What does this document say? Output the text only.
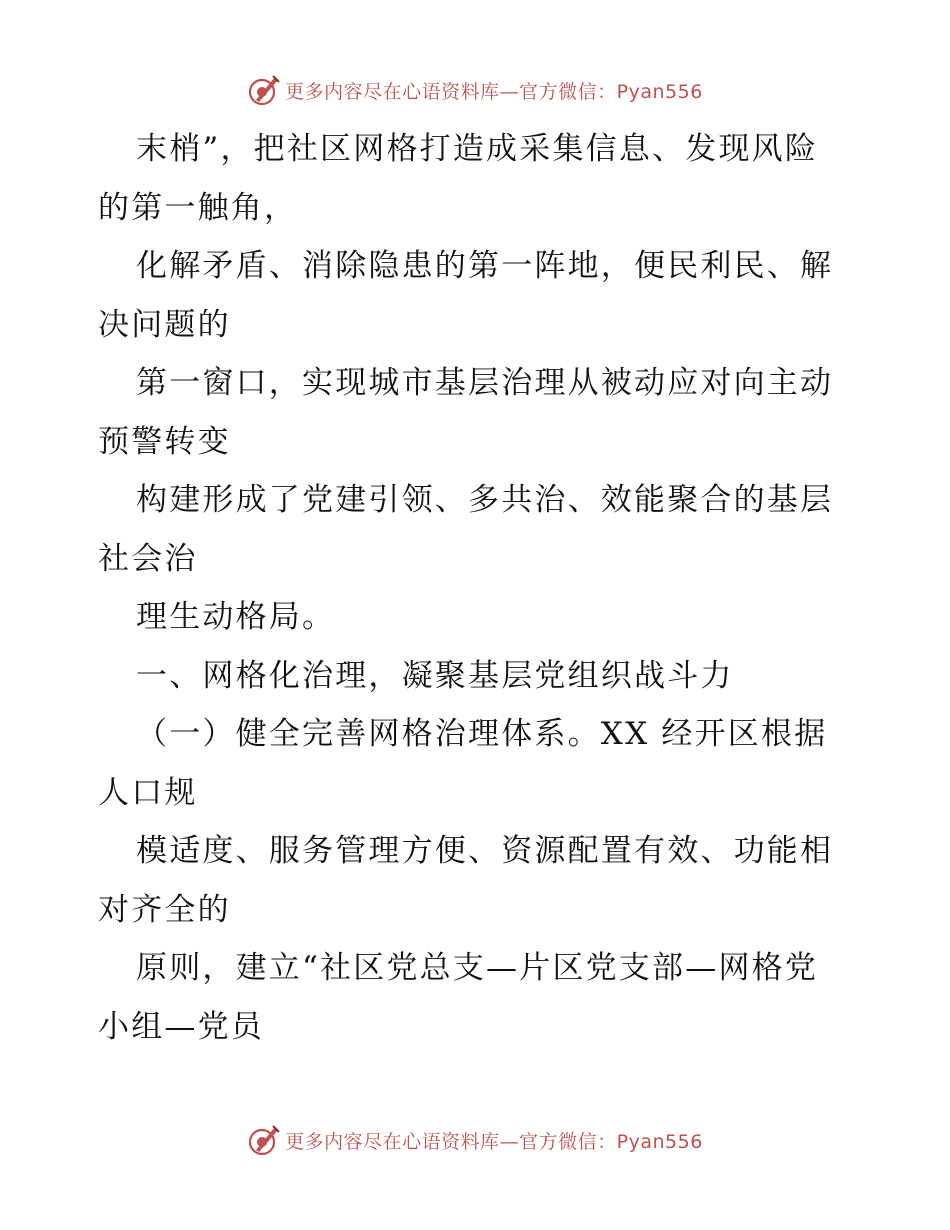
更多内容尽在心语资料库—官方微信：Pyan556
末梢”，把社区网格打造成采集信息、发现风险
的第一触角，
化解矛盾、消除隐患的第一阵地，便民利民、解
决问题的
第一窗口，实现城市基层治理从被动应对向主动
预警转变
构建形成了党建引领、多共治、效能聚合的基层
社会治
理生动格局。
一、网格化治理，凝聚基层党组织战斗力
（一）健全完善网格治理体系。XX 经开区根据
人口规
模适度、服务管理方便、资源配置有效、功能相
对齐全的
原则，建立“社区党总支—片区党支部—网格党
小组—党员
更多内容尽在心语资料库—官方微信：Pyan556
